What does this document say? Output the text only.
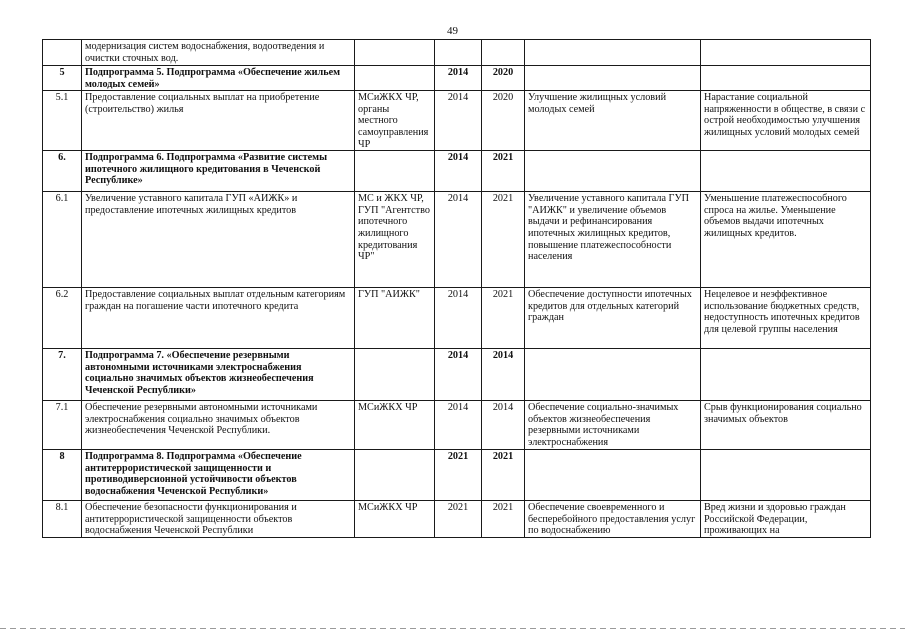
49
	модернизация систем водоснабжения, водоотведения и очистки сточных вод.					
5	Подпрограмма 5. Подпрограмма «Обеспечение жильем молодых семей»		2014	2020		
5.1	Предоставление социальных выплат на приобретение (строительство) жилья	МСиЖКХ ЧР, органы местного самоуправления ЧР	2014	2020	Улучшение жилищных условий молодых семей	Нарастание социальной напряженности в обществе, в связи с острой необходимостью улучшения жилищных условий молодых семей
6.	Подпрограмма 6. Подпрограмма «Развитие системы ипотечного жилищного кредитования в Чеченской Республике»		2014	2021		
6.1	Увеличение уставного капитала ГУП «АИЖК» и предоставление ипотечных жилищных кредитов	МС и ЖКХ ЧР, ГУП "Агентство ипотечного жилищного кредитования ЧР"	2014	2021	Увеличение уставного капитала ГУП "АИЖК" и увеличение объемов выдачи и рефинансирования ипотечных жилищных кредитов, повышение платежеспособности населения	Уменьшение платежеспособного спроса на жилье. Уменьшение объемов выдачи ипотечных жилищных кредитов.
6.2	Предоставление социальных выплат отдельным категориям граждан на погашение части ипотечного кредита	ГУП "АИЖК"	2014	2021	Обеспечение доступности ипотечных кредитов для отдельных категорий граждан	Нецелевое и неэффективное использование бюджетных средств, недоступность ипотечных кредитов для целевой группы населения
7.	Подпрограмма 7. «Обеспечение резервными автономными источниками электроснабжения социально значимых объектов жизнеобеспечения Чеченской Республики»		2014	2014		
7.1	Обеспечение резервными автономными источниками электроснабжения социально значимых объектов жизнеобеспечения Чеченской Республики.	МСиЖКХ ЧР	2014	2014	Обеспечение социально-значимых объектов жизнеобеспечения резервными источниками электроснабжения	Срыв функционирования социально значимых объектов
8	Подпрограмма 8. Подпрограмма «Обеспечение антитеррористической защищенности и противодиверсионной устойчивости объектов водоснабжения Чеченской Республики»		2021	2021		
8.1	Обеспечение безопасности функционирования и антитеррористической защищенности объектов водоснабжения Чеченской Республики	МСиЖКХ ЧР	2021	2021	Обеспечение своевременного и бесперебойного предоставления услуг по водоснабжению	Вред жизни и здоровью граждан Российской Федерации, проживающих на
